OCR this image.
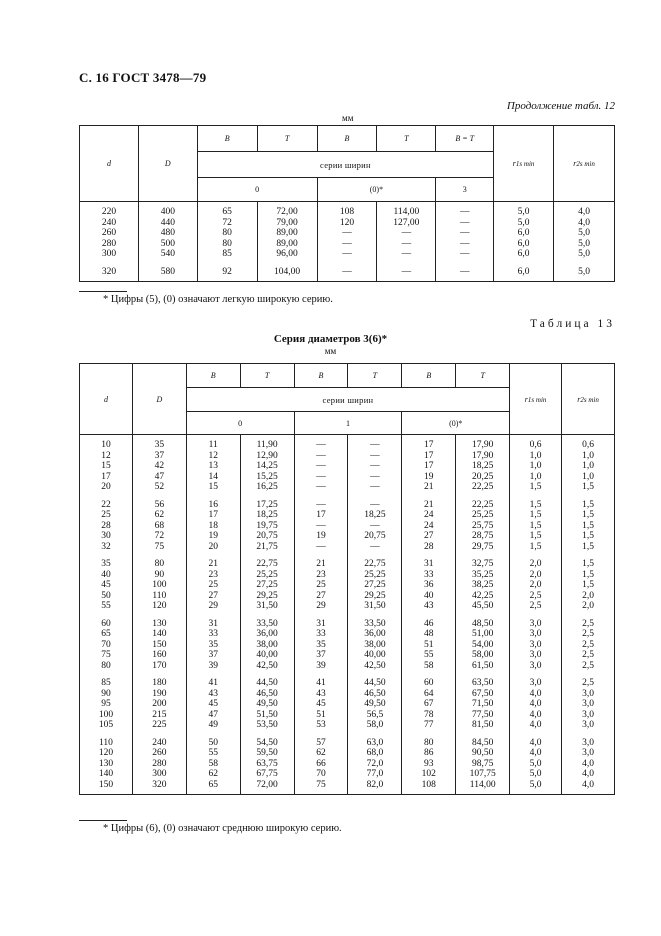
С. 16 ГОСТ 3478—79
Продолжение табл. 12
мм
d	D	B	T	B	T	B = T	r1s min	r2s min
		серии ширин						
		0		(0)*		3		
220	400	65	72,00	108	114,00	—	5,0	4,0
240	440	72	79,00	120	127,00	—	5,0	4,0
260	480	80	89,00	—	—	—	6,0	5,0
280	500	80	89,00	—	—	—	6,0	5,0
300	540	85	96,00	—	—	—	6,0	5,0
320	580	92	104,00	—	—	—	6,0	5,0
* Цифры (5), (0) означают легкую широкую серию.
Таблица 13
Серия диаметров 3(6)*
мм
d	D	B	T	B	T	B	T	r1s min	r2s min
		серии ширин							
		0		1		(0)*			
10	35	11	11,90	—	—	17	17,90	0,6	0,6
12	37	12	12,90	—	—	17	17,90	1,0	1,0
15	42	13	14,25	—	—	17	18,25	1,0	1,0
17	47	14	15,25	—	—	19	20,25	1,0	1,0
20	52	15	16,25	—	—	21	22,25	1,5	1,5
22	56	16	17,25	—	—	21	22,25	1,5	1,5
25	62	17	18,25	17	18,25	24	25,25	1,5	1,5
28	68	18	19,75	—	—	24	25,75	1,5	1,5
30	72	19	20,75	19	20,75	27	28,75	1,5	1,5
32	75	20	21,75	—	—	28	29,75	1,5	1,5
35	80	21	22,75	21	22,75	31	32,75	2,0	1,5
40	90	23	25,25	23	25,25	33	35,25	2,0	1,5
45	100	25	27,25	25	27,25	36	38,25	2,0	1,5
50	110	27	29,25	27	29,25	40	42,25	2,5	2,0
55	120	29	31,50	29	31,50	43	45,50	2,5	2,0
60	130	31	33,50	31	33,50	46	48,50	3,0	2,5
65	140	33	36,00	33	36,00	48	51,00	3,0	2,5
70	150	35	38,00	35	38,00	51	54,00	3,0	2,5
75	160	37	40,00	37	40,00	55	58,00	3,0	2,5
80	170	39	42,50	39	42,50	58	61,50	3,0	2,5
85	180	41	44,50	41	44,50	60	63,50	3,0	2,5
90	190	43	46,50	43	46,50	64	67,50	4,0	3,0
95	200	45	49,50	45	49,50	67	71,50	4,0	3,0
100	215	47	51,50	51	56,5	78	77,50	4,0	3,0
105	225	49	53,50	53	58,0	77	81,50	4,0	3,0
110	240	50	54,50	57	63,0	80	84,50	4,0	3,0
120	260	55	59,50	62	68,0	86	90,50	4,0	3,0
130	280	58	63,75	66	72,0	93	98,75	5,0	4,0
140	300	62	67,75	70	77,0	102	107,75	5,0	4,0
150	320	65	72,00	75	82,0	108	114,00	5,0	4,0
* Цифры (6), (0) означают среднюю широкую серию.
